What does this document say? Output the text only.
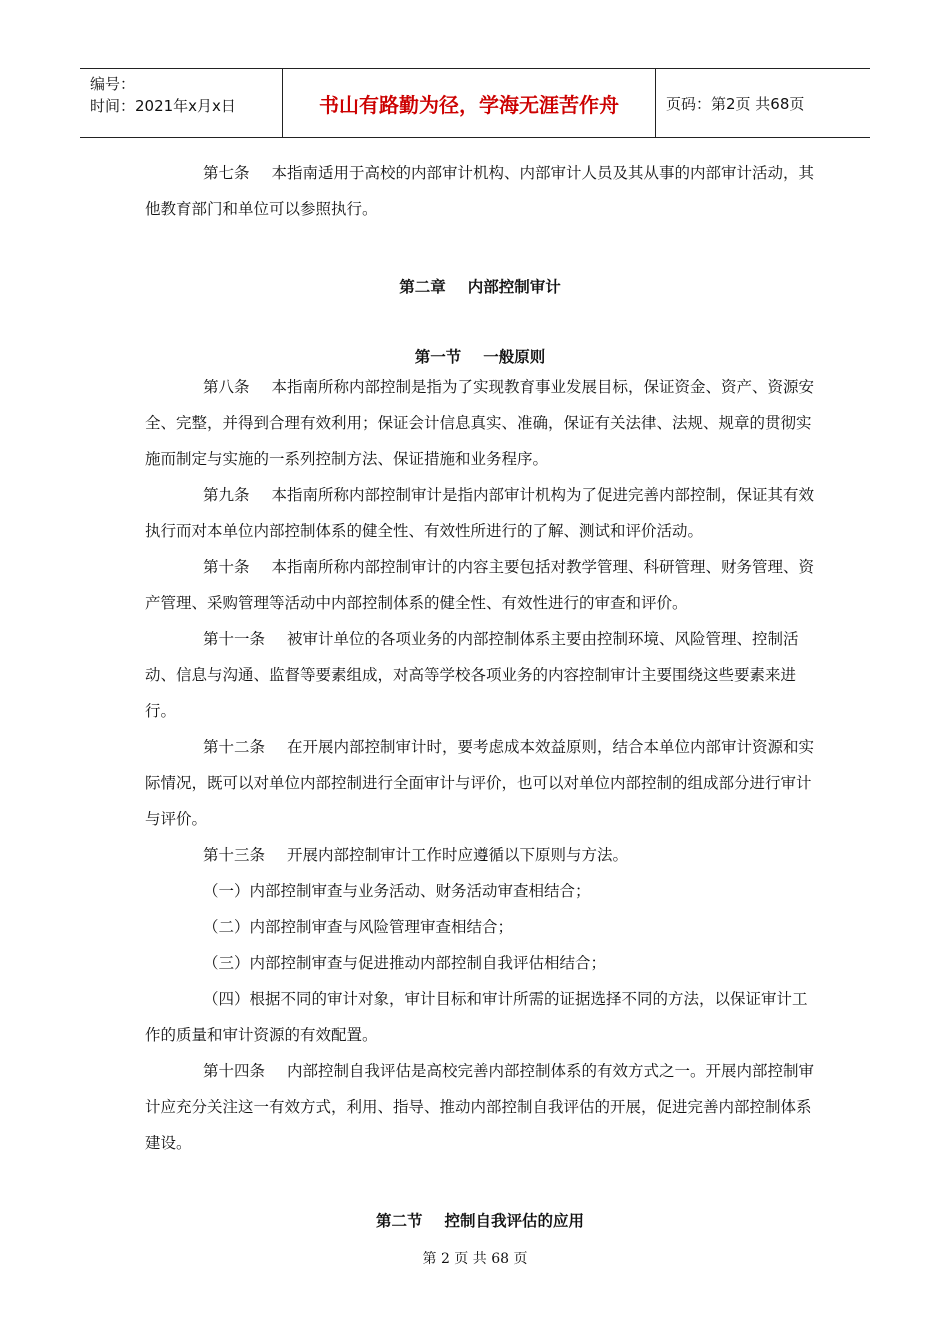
编号：
时间：2021年x月x日	书山有路勤为径，学海无涯苦作舟	页码：第2页 共68页

第七条 本指南适用于高校的内部审计机构、内部审计人员及其从事的内部审计活动，其他教育部门和单位可以参照执行。

第二章 内部控制审计

第一节 一般原则

第八条 本指南所称内部控制是指为了实现教育事业发展目标，保证资金、资产、资源安全、完整，并得到合理有效利用；保证会计信息真实、准确，保证有关法律、法规、规章的贯彻实施而制定与实施的一系列控制方法、保证措施和业务程序。

第九条 本指南所称内部控制审计是指内部审计机构为了促进完善内部控制，保证其有效执行而对本单位内部控制体系的健全性、有效性所进行的了解、测试和评价活动。

第十条 本指南所称内部控制审计的内容主要包括对教学管理、科研管理、财务管理、资产管理、采购管理等活动中内部控制体系的健全性、有效性进行的审查和评价。

第十一条 被审计单位的各项业务的内部控制体系主要由控制环境、风险管理、控制活动、信息与沟通、监督等要素组成，对高等学校各项业务的内容控制审计主要围绕这些要素来进行。

第十二条 在开展内部控制审计时，要考虑成本效益原则，结合本单位内部审计资源和实际情况，既可以对单位内部控制进行全面审计与评价，也可以对单位内部控制的组成部分进行审计与评价。

第十三条 开展内部控制审计工作时应遵循以下原则与方法。

（一）内部控制审查与业务活动、财务活动审查相结合；

（二）内部控制审查与风险管理审查相结合；

（三）内部控制审查与促进推动内部控制自我评估相结合；

（四）根据不同的审计对象，审计目标和审计所需的证据选择不同的方法，以保证审计工作的质量和审计资源的有效配置。

第十四条 内部控制自我评估是高校完善内部控制体系的有效方式之一。开展内部控制审计应充分关注这一有效方式，利用、指导、推动内部控制自我评估的开展，促进完善内部控制体系建设。

第二节 控制自我评估的应用

第 2 页 共 68 页
